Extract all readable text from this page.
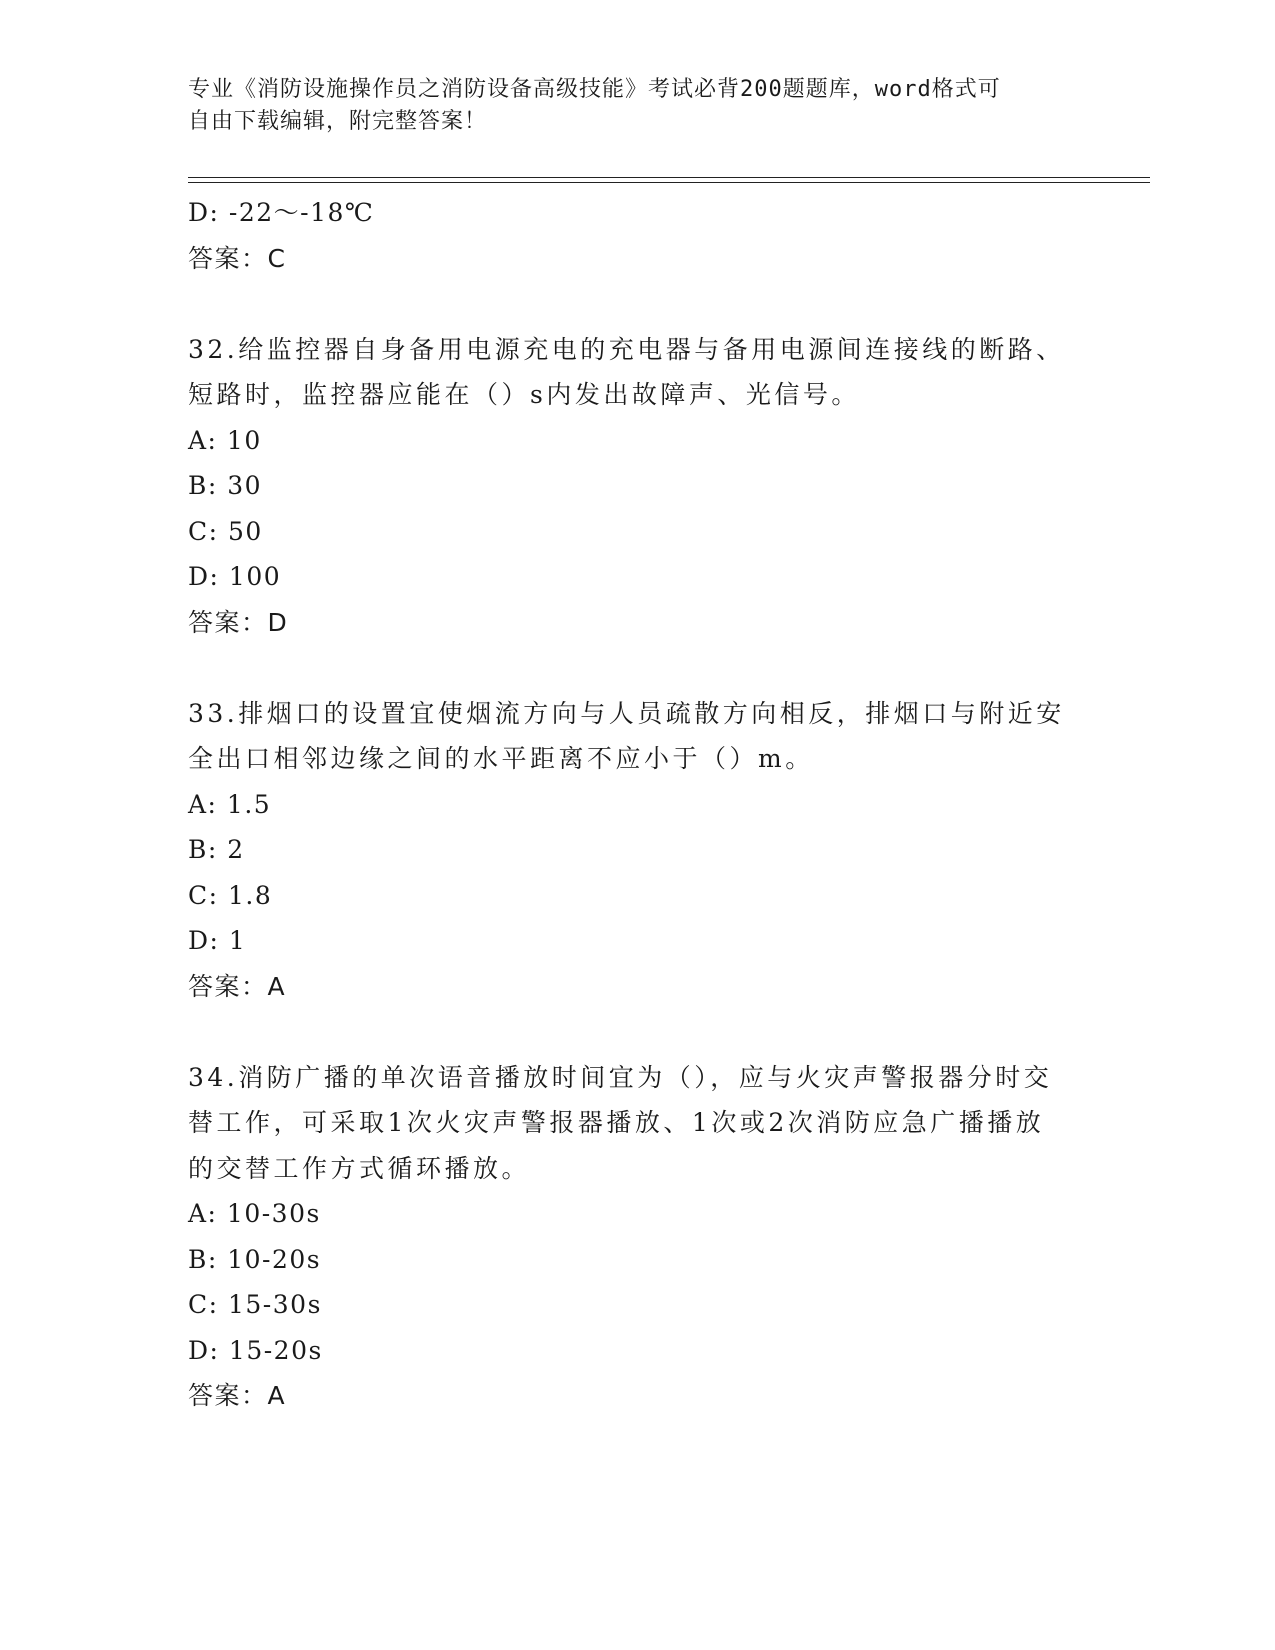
专业《消防设施操作员之消防设备高级技能》考试必背200题题库，word格式可
自由下载编辑，附完整答案！
D: -22～-18℃
答案：C
32.给监控器自身备用电源充电的充电器与备用电源间连接线的断路、
短路时，监控器应能在（）s内发出故障声、光信号。
A: 10
B: 30
C: 50
D: 100
答案：D
33.排烟口的设置宜使烟流方向与人员疏散方向相反，排烟口与附近安
全出口相邻边缘之间的水平距离不应小于（）m。
A: 1.5
B: 2
C: 1.8
D: 1
答案：A
34.消防广播的单次语音播放时间宜为（），应与火灾声警报器分时交
替工作，可采取1次火灾声警报器播放、1次或2次消防应急广播播放
的交替工作方式循环播放。
A: 10-30s
B: 10-20s
C: 15-30s
D: 15-20s
答案：A
